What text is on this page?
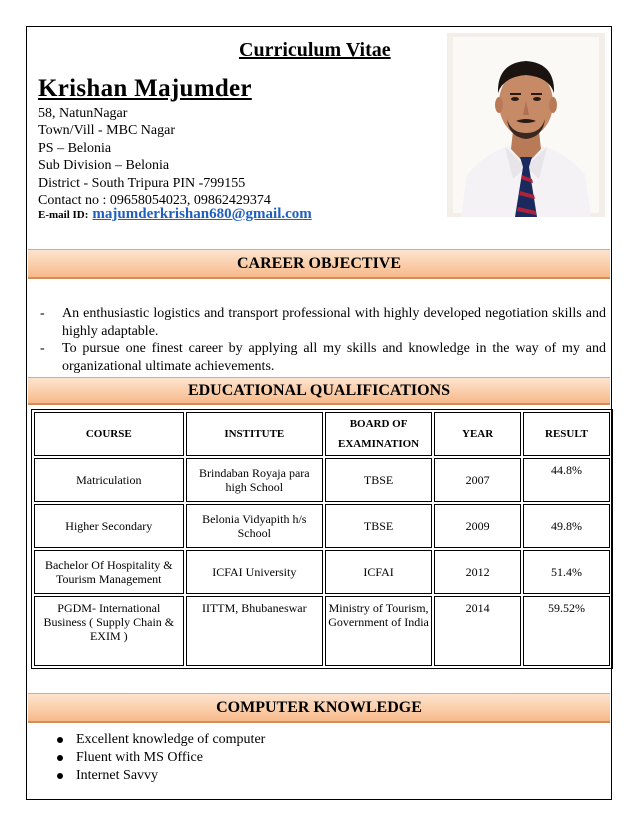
Curriculum Vitae
Krishan Majumder
58, NatunNagar
Town/Vill - MBC Nagar
PS – Belonia
Sub Division – Belonia
District - South Tripura PIN -799155
Contact no : 09658054023, 09862429374
E-mail ID: majumderkrishan680@gmail.com
CAREER OBJECTIVE
-	An enthusiastic logistics and transport professional with highly developed negotiation skills and highly adaptable.
-	To pursue one finest career by applying all my skills and knowledge in the way of my and organizational ultimate achievements.
EDUCATIONAL QUALIFICATIONS
COURSE	INSTITUTE	BOARD OF EXAMINATION	YEAR	RESULT
Matriculation	Brindaban Royaja para high School	TBSE	2007	44.8%
Higher Secondary	Belonia Vidyapith h/s School	TBSE	2009	49.8%
Bachelor Of Hospitality & Tourism Management	ICFAI University	ICFAI	2012	51.4%
PGDM- International Business ( Supply Chain & EXIM )	IITTM, Bhubaneswar	Ministry of Tourism, Government of India	2014	59.52%
COMPUTER KNOWLEDGE
Excellent knowledge of computer
Fluent with MS Office
Internet Savvy
